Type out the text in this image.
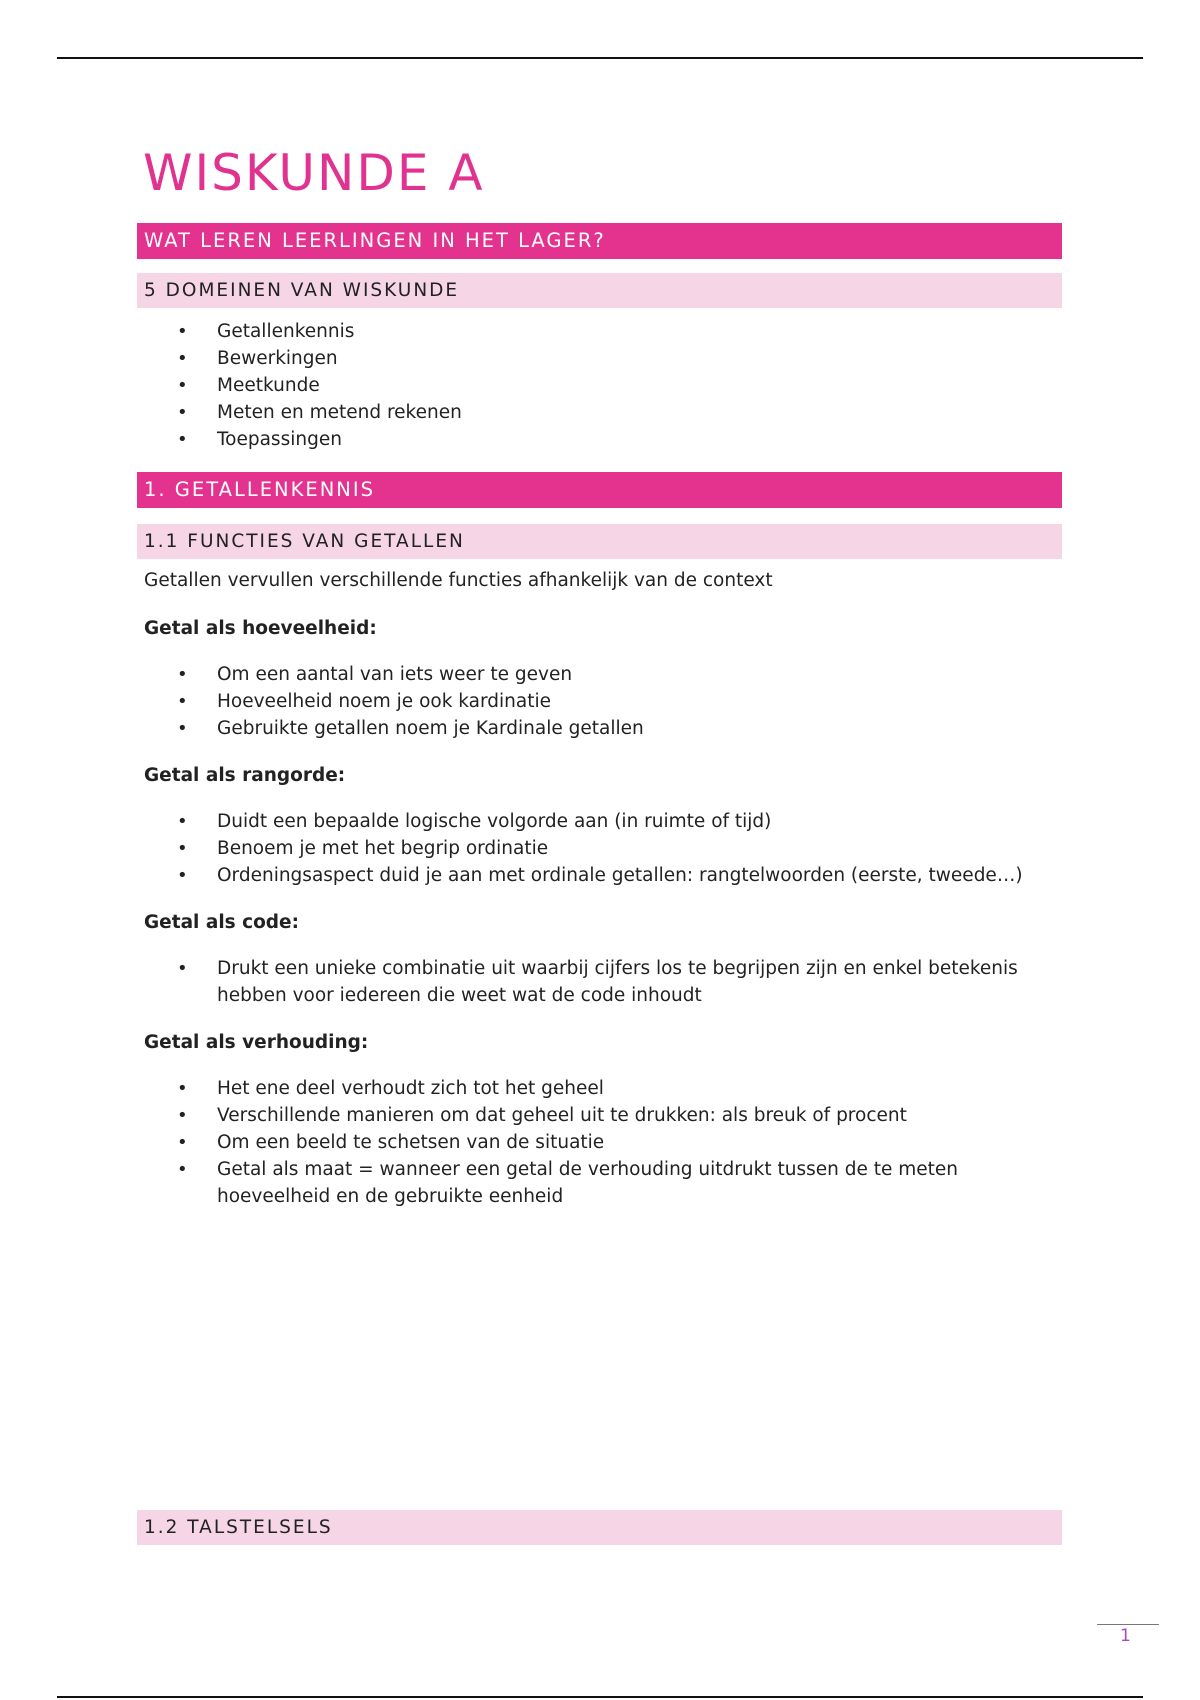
WISKUNDE A
WAT LEREN LEERLINGEN IN HET LAGER?
5 DOMEINEN VAN WISKUNDE
• Getallenkennis
• Bewerkingen
• Meetkunde
• Meten en metend rekenen
• Toepassingen
1. GETALLENKENNIS
1.1 FUNCTIES VAN GETALLEN

Getallen vervullen verschillende functies afhankelijk van de context

Getal als hoeveelheid:

• Om een aantal van iets weer te geven
• Hoeveelheid noem je ook kardinatie
• Gebruikte getallen noem je Kardinale getallen

Getal als rangorde:

• Duidt een bepaalde logische volgorde aan (in ruimte of tijd)
• Benoem je met het begrip ordinatie
• Ordeningsaspect duid je aan met ordinale getallen: rangtelwoorden (eerste, tweede…)

Getal als code:

• Drukt een unieke combinatie uit waarbij cijfers los te begrijpen zijn en enkel betekenis hebben voor iedereen die weet wat de code inhoudt

Getal als verhouding:

• Het ene deel verhoudt zich tot het geheel
• Verschillende manieren om dat geheel uit te drukken: als breuk of procent
• Om een beeld te schetsen van de situatie
• Getal als maat = wanneer een getal de verhouding uitdrukt tussen de te meten hoeveelheid en de gebruikte eenheid
1.2 TALSTELSELS
1
